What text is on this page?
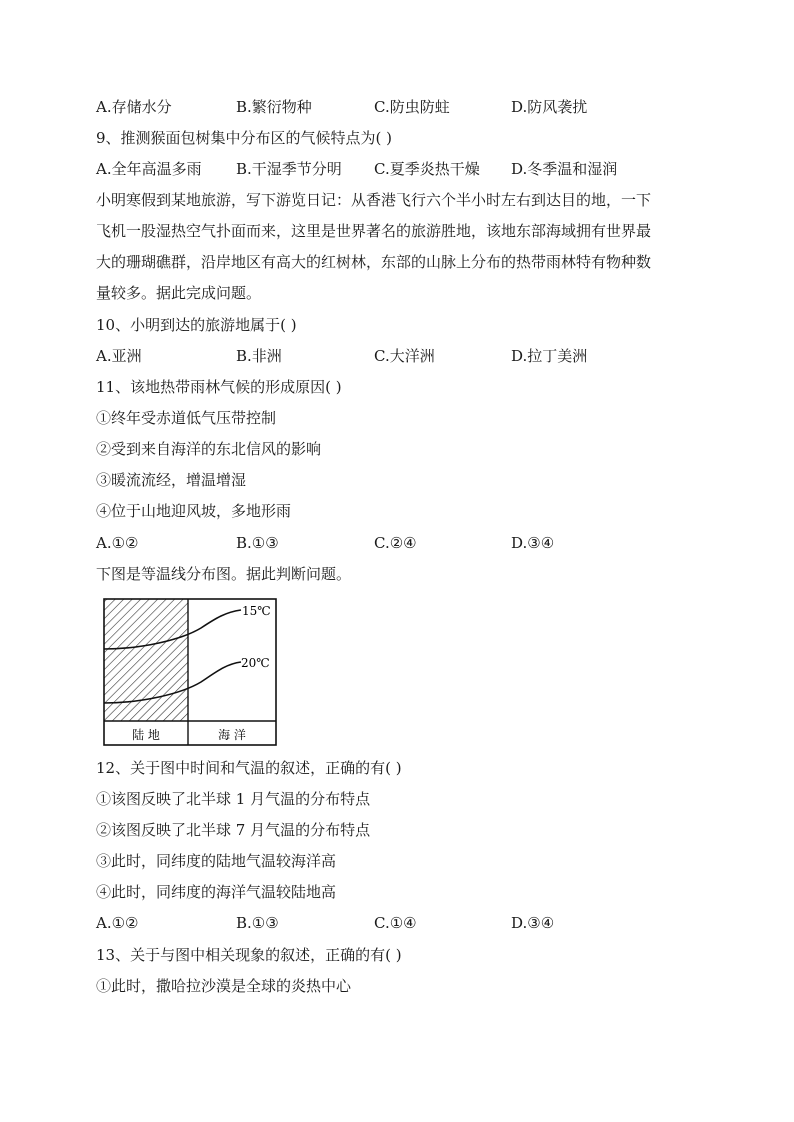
A.存储水分	B.繁衍物种	C.防虫防蛀	D.防风袭扰
9、推测猴面包树集中分布区的气候特点为( )
A.全年高温多雨 B.干湿季节分明 C.夏季炎热干燥 D.冬季温和湿润
小明寒假到某地旅游，写下游览日记：从香港飞行六个半小时左右到达目的地，一下
飞机一股湿热空气扑面而来，这里是世界著名的旅游胜地，该地东部海域拥有世界最
大的珊瑚礁群，沿岸地区有高大的红树林，东部的山脉上分布的热带雨林特有物种数
量较多。据此完成问题。
10、小明到达的旅游地属于( )
A.亚洲	B.非洲	C.大洋洲	D.拉丁美洲
11、该地热带雨林气候的形成原因( )
①终年受赤道低气压带控制
②受到来自海洋的东北信风的影响
③暖流流经，增温增湿
④位于山地迎风坡，多地形雨
A.①②	B.①③	C.②④	D.③④
下图是等温线分布图。据此判断问题。
15℃
20℃
陆 地	海 洋
12、关于图中时间和气温的叙述，正确的有( )
①该图反映了北半球 1 月气温的分布特点
②该图反映了北半球 7 月气温的分布特点
③此时，同纬度的陆地气温较海洋高
④此时，同纬度的海洋气温较陆地高
A.①②	B.①③	C.①④	D.③④
13、关于与图中相关现象的叙述，正确的有( )
①此时，撒哈拉沙漠是全球的炎热中心
